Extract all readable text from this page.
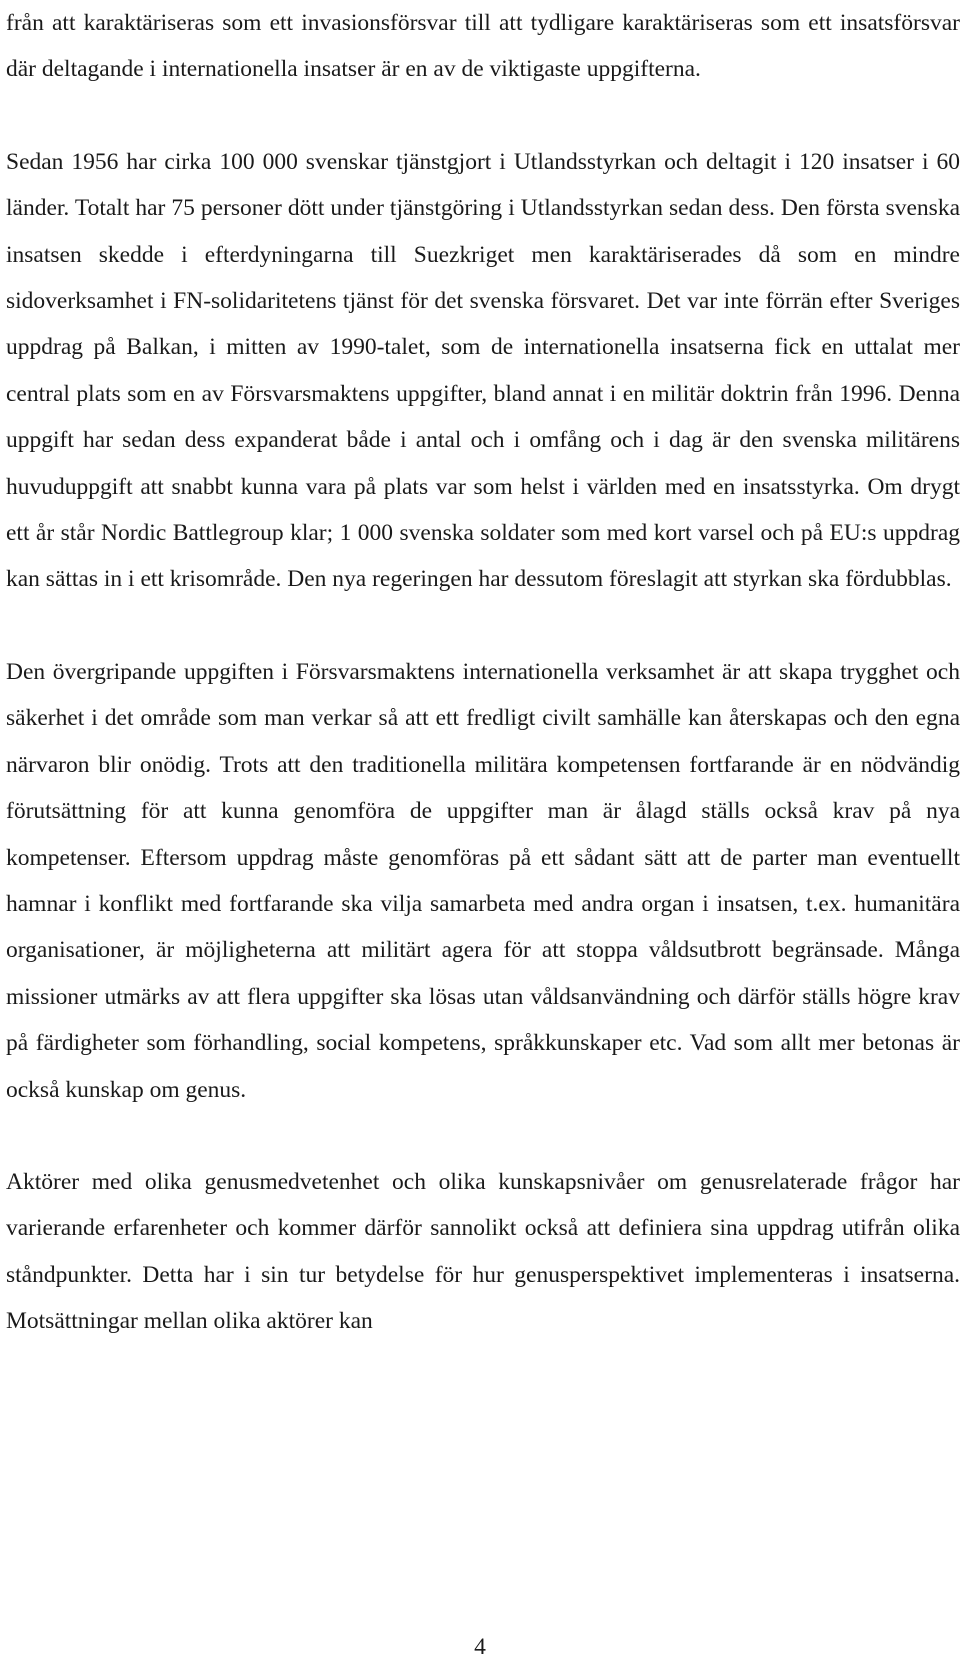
från att karaktäriseras som ett invasionsförsvar till att tydligare karaktäriseras som ett insatsförsvar där deltagande i internationella insatser är en av de viktigaste uppgifterna.

Sedan 1956 har cirka 100 000 svenskar tjänstgjort i Utlandsstyrkan och deltagit i 120 insatser i 60 länder. Totalt har 75 personer dött under tjänstgöring i Utlandsstyrkan sedan dess. Den första svenska insatsen skedde i efterdyningarna till Suezkriget men karaktäriserades då som en mindre sidoverksamhet i FN-solidaritetens tjänst för det svenska försvaret. Det var inte förrän efter Sveriges uppdrag på Balkan, i mitten av 1990-talet, som de internationella insatserna fick en uttalat mer central plats som en av Försvarsmaktens uppgifter, bland annat i en militär doktrin från 1996. Denna uppgift har sedan dess expanderat både i antal och i omfång och i dag är den svenska militärens huvuduppgift att snabbt kunna vara på plats var som helst i världen med en insatsstyrka. Om drygt ett år står Nordic Battlegroup klar; 1 000 svenska soldater som med kort varsel och på EU:s uppdrag kan sättas in i ett krisområde. Den nya regeringen har dessutom föreslagit att styrkan ska fördubblas.

Den övergripande uppgiften i Försvarsmaktens internationella verksamhet är att skapa trygghet och säkerhet i det område som man verkar så att ett fredligt civilt samhälle kan återskapas och den egna närvaron blir onödig. Trots att den traditionella militära kompetensen fortfarande är en nödvändig förutsättning för att kunna genomföra de uppgifter man är ålagd ställs också krav på nya kompetenser. Eftersom uppdrag måste genomföras på ett sådant sätt att de parter man eventuellt hamnar i konflikt med fortfarande ska vilja samarbeta med andra organ i insatsen, t.ex. humanitära organisationer, är möjligheterna att militärt agera för att stoppa våldsutbrott begränsade. Många missioner utmärks av att flera uppgifter ska lösas utan våldsanvändning och därför ställs högre krav på färdigheter som förhandling, social kompetens, språkkunskaper etc. Vad som allt mer betonas är också kunskap om genus.

Aktörer med olika genusmedvetenhet och olika kunskapsnivåer om genusrelaterade frågor har varierande erfarenheter och kommer därför sannolikt också att definiera sina uppdrag utifrån olika ståndpunkter. Detta har i sin tur betydelse för hur genusperspektivet implementeras i insatserna. Motsättningar mellan olika aktörer kan

4
